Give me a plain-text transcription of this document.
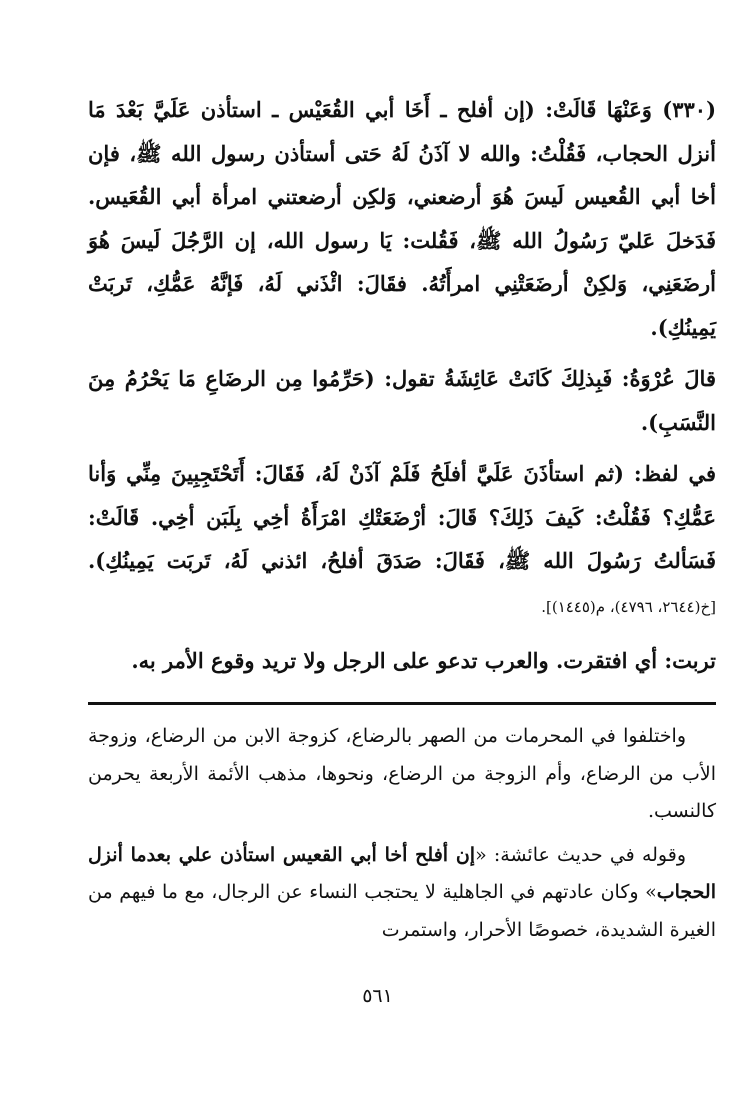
(٣٣٠) وَعَنْهَا قَالَتْ: (إن أفلح ـ أَخَا أبي القُعَيْس ـ استأذن عَلَيَّ بَعْدَ مَا أنزل الحجاب، فَقُلْتُ: والله لا آذَنُ لَهُ حَتى أستأذن رسول الله ﷺ، فإن أخا أبي القُعيس لَيسَ هُوَ أرضعني، وَلكِن أرضعتني امرأة أبي القُعَيس. فَدَخلَ عَليّ رَسُولُ الله ﷺ، فَقُلت: يَا رسول الله، إن الرَّجُلَ لَيسَ هُوَ أرضَعَنِي، وَلكِنْ أرضَعَتْنِي امرأَتُهُ. فقَالَ: ائْذَني لَهُ، فَإنَّهُ عَمُّكِ، تَربَتْ يَمِينُكِ).

قالَ عُرْوَةُ: فَبِذلِكَ كَانَتْ عَائِشَةُ تقول: (حَرِّمُوا مِن الرضَاعِ مَا يَحْرُمُ مِنَ النَّسَبِ).

في لفظ: (ثم استأذَنَ عَلَيَّ أفلَحُ فَلَمْ آذَنْ لَهُ، فَقَالَ: أَتَحْتَجِبِينَ مِنِّي وَأنا عَمُّكِ؟ فَقُلْتُ: كَيفَ ذَلِكَ؟ قَالَ: أرْضَعَتْكِ امْرَأَةُ أخِي بِلَبَن أخِي. قَالَتْ: فَسَألتُ رَسُولَ الله ﷺ، فَقَالَ: صَدَقَ أفلحُ، ائذني لَهُ، تَربَت يَمِينُكِ). [خ(٢٦٤٤، ٤٧٩٦)، م(١٤٤٥)].

تربت: أي افتقرت. والعرب تدعو على الرجل ولا تريد وقوع الأمر به.

واختلفوا في المحرمات من الصهر بالرضاع، كزوجة الابن من الرضاع، وزوجة الأب من الرضاع، وأم الزوجة من الرضاع، ونحوها، مذهب الأئمة الأربعة يحرمن كالنسب.

وقوله في حديث عائشة: «إن أفلح أخا أبي القعيس استأذن علي بعدما أنزل الحجاب» وكان عادتهم في الجاهلية لا يحتجب النساء عن الرجال، مع ما فيهم من الغيرة الشديدة، خصوصًا الأحرار، واستمرت

٥٦١
